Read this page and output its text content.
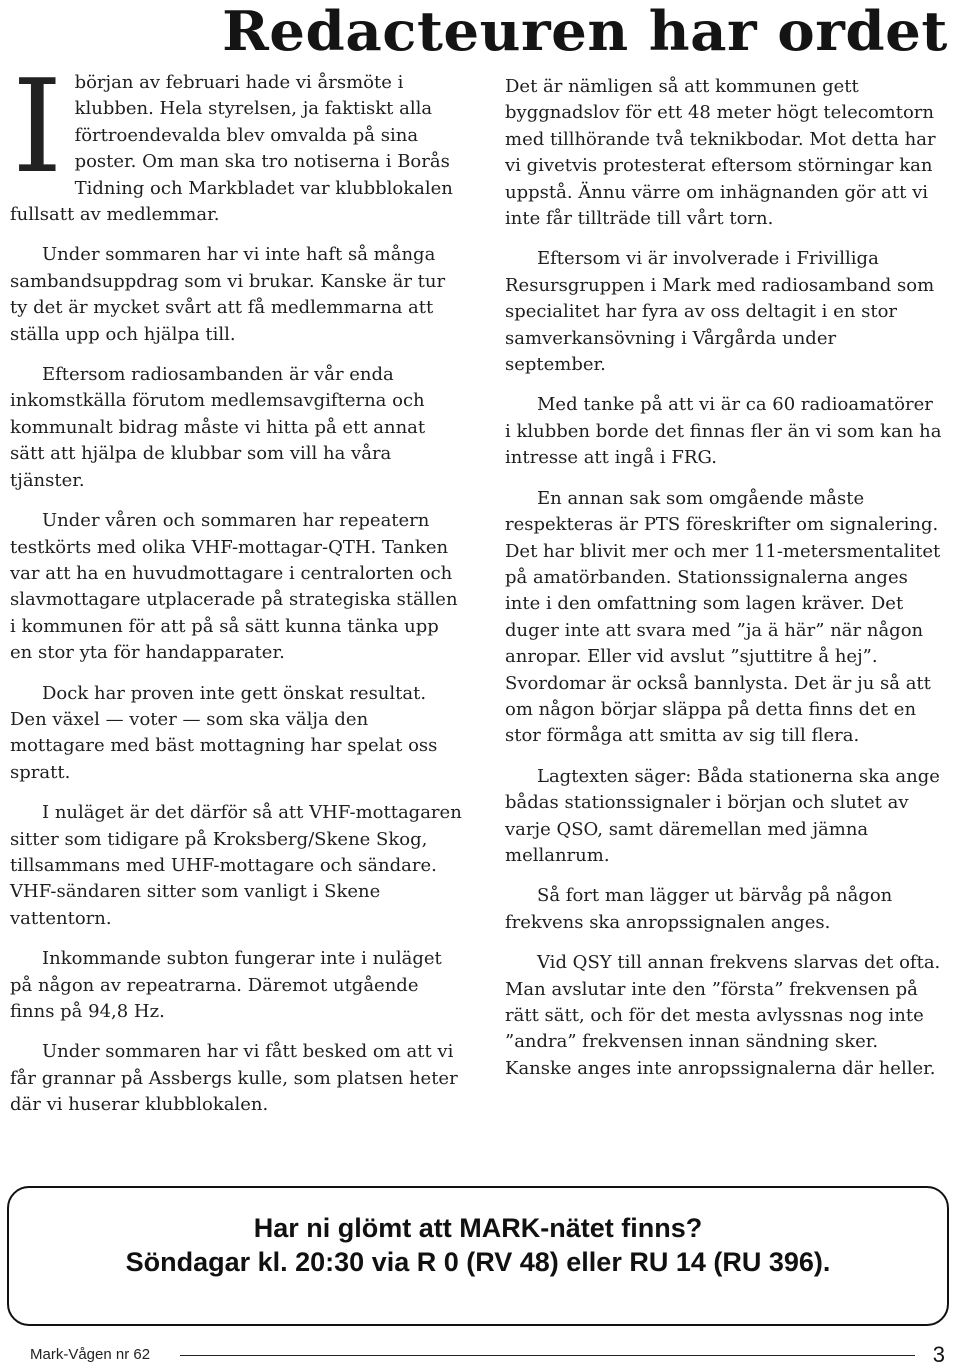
Redacteuren har ordet

I början av februari hade vi årsmöte i klubben. Hela styrelsen, ja faktiskt alla förtroendevalda blev omvalda på sina poster. Om man ska tro notiserna i Borås Tidning och Markbladet var klubblokalen fullsatt av medlemmar.

Under sommaren har vi inte haft så många sambandsuppdrag som vi brukar. Kanske är tur ty det är mycket svårt att få medlemmarna att ställa upp och hjälpa till.

Eftersom radiosambanden är vår enda inkomstkälla förutom medlemsavgifterna och kommunalt bidrag måste vi hitta på ett annat sätt att hjälpa de klubbar som vill ha våra tjänster.

Under våren och sommaren har repeatern testkörts med olika VHF-mottagar-QTH. Tanken var att ha en huvudmottagare i centralorten och slavmottagare utplacerade på strategiska ställen i kommunen för att på så sätt kunna tänka upp en stor yta för handapparater.

Dock har proven inte gett önskat resultat. Den växel — voter — som ska välja den mottagare med bäst mottagning har spelat oss spratt.

I nuläget är det därför så att VHF-mottagaren sitter som tidigare på Kroksberg/Skene Skog, tillsammans med UHF-mottagare och sändare. VHF-sändaren sitter som vanligt i Skene vattentorn.

Inkommande subton fungerar inte i nuläget på någon av repeatrarna. Däremot utgående finns på 94,8 Hz.

Under sommaren har vi fått besked om att vi får grannar på Assbergs kulle, som platsen heter där vi huserar klubblokalen.

Det är nämligen så att kommunen gett byggnadslov för ett 48 meter högt telecomtorn med tillhörande två teknikbodar. Mot detta har vi givetvis protesterat eftersom störningar kan uppstå. Ännu värre om inhägnanden gör att vi inte får tillträde till vårt torn.

Eftersom vi är involverade i Frivilliga Resursgruppen i Mark med radiosamband som specialitet har fyra av oss deltagit i en stor samverkansövning i Vårgårda under september.

Med tanke på att vi är ca 60 radioamatörer i klubben borde det finnas fler än vi som kan ha intresse att ingå i FRG.

En annan sak som omgående måste respekteras är PTS föreskrifter om signalering. Det har blivit mer och mer 11-metersmentalitet på amatörbanden. Stationssignalerna anges inte i den omfattning som lagen kräver. Det duger inte att svara med ”ja ä här” när någon anropar. Eller vid avslut ”sjuttitre å hej”. Svordomar är också bannlysta. Det är ju så att om någon börjar släppa på detta finns det en stor förmåga att smitta av sig till flera.

Lagtexten säger: Båda stationerna ska ange bådas stationssignaler i början och slutet av varje QSO, samt däremellan med jämna mellanrum.

Så fort man lägger ut bärvåg på någon frekvens ska anropssignalen anges.

Vid QSY till annan frekvens slarvas det ofta. Man avslutar inte den ”första” frekvensen på rätt sätt, och för det mesta avlyssnas nog inte ”andra” frekvensen innan sändning sker. Kanske anges inte anropssignalerna där heller.

Har ni glömt att MARK-nätet finns?
Söndagar kl. 20:30 via R 0 (RV 48) eller RU 14 (RU 396).
Mark-Vågen nr 62	3
